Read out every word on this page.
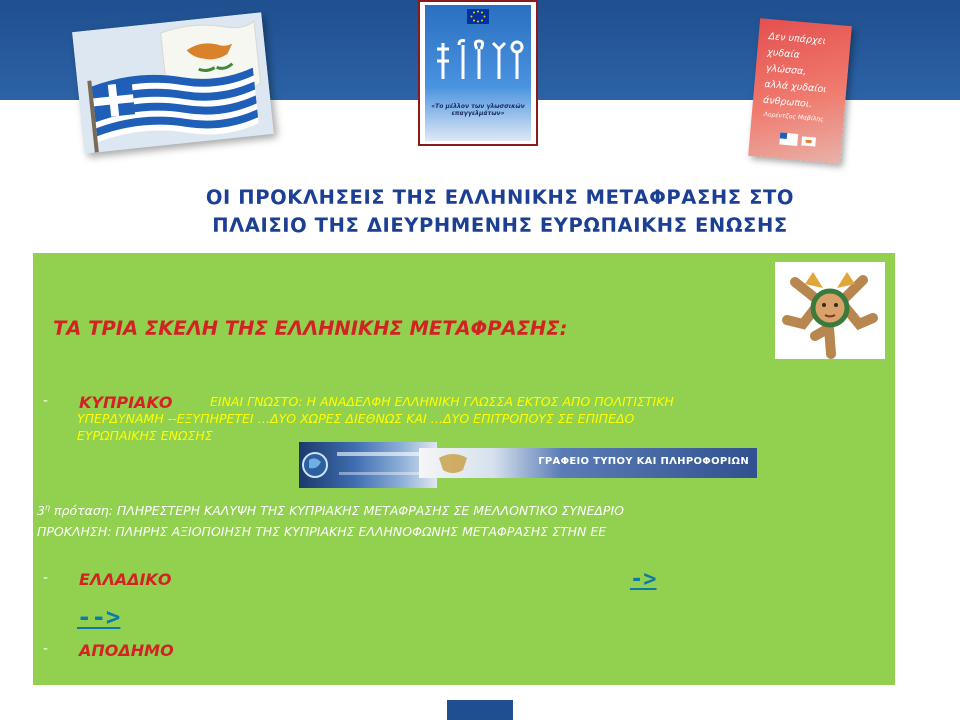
«Το μέλλον των γλωσσικών επαγγελμάτων»
Δεν υπάρχει
χυδαία γλώσσα,
αλλά χυδαίοι
άνθρωποι.
Λορέντζος Μαβίλης
ΟΙ ΠΡΟΚΛΗΣΕΙΣ ΤΗΣ ΕΛΛΗΝΙΚΗΣ ΜΕΤΑΦΡΑΣΗΣ ΣΤΟ
ΠΛΑΙΣΙΟ ΤΗΣ ΔΙΕΥΡΗΜΕΝΗΣ ΕΥΡΩΠΑΙΚΗΣ ΕΝΩΣΗΣ
ΤΑ ΤΡΙΑ ΣΚΕΛΗ ΤΗΣ ΕΛΛΗΝΙΚΗΣ ΜΕΤΑΦΡΑΣΗΣ:
-	ΕΙΝΑΙ ΓΝΩΣΤΟ: Η ΑΝΑΔΕΛΦΗ ΕΛΛΗΝΙΚΗ ΓΛΩΣΣΑ ΕΚΤΟΣ ΑΠΟ ΠΟΛΙΤΙΣΤΙΚΗ
ΥΠΕΡΔΥΝΑΜΗ --ΕΞΥΠΗΡΕΤΕΙ …ΔΥΟ ΧΩΡΕΣ ΔΙΕΘΝΩΣ ΚΑΙ …ΔΥΟ ΕΠΙΤΡΟΠΟΥΣ ΣΕ ΕΠΙΠΕΔΟ
ΕΥΡΩΠΑΙΚΗΣ ΕΝΩΣΗΣ
ΚΥΠΡΙΑΚΟ
ΓΡΑΦΕΙΟ ΤΥΠΟΥ ΚΑΙ ΠΛΗΡΟΦΟΡΙΩΝ
$3^\eta$ πρόταση: ΠΛΗΡΕΣΤΕΡΗ ΚΑΛΥΨΗ ΤΗΣ ΚΥΠΡΙΑΚΗΣ ΜΕΤΑΦΡΑΣΗΣ ΣΕ ΜΕΛΛΟΝΤΙΚΟ ΣΥΝΕΔΡΙΟ
ΠΡΟΚΛΗΣΗ: ΠΛΗΡΗΣ ΑΞΙΟΠΟΙΗΣΗ ΤΗΣ ΚΥΠΡΙΑΚΗΣ ΕΛΛΗΝΟΦΩΝΗΣ ΜΕΤΑΦΡΑΣΗΣ ΣΤΗΝ ΕΕ
- ΕΛΛΑΔΙΚΟ	->
-->
- ΑΠΟΔΗΜΟ
